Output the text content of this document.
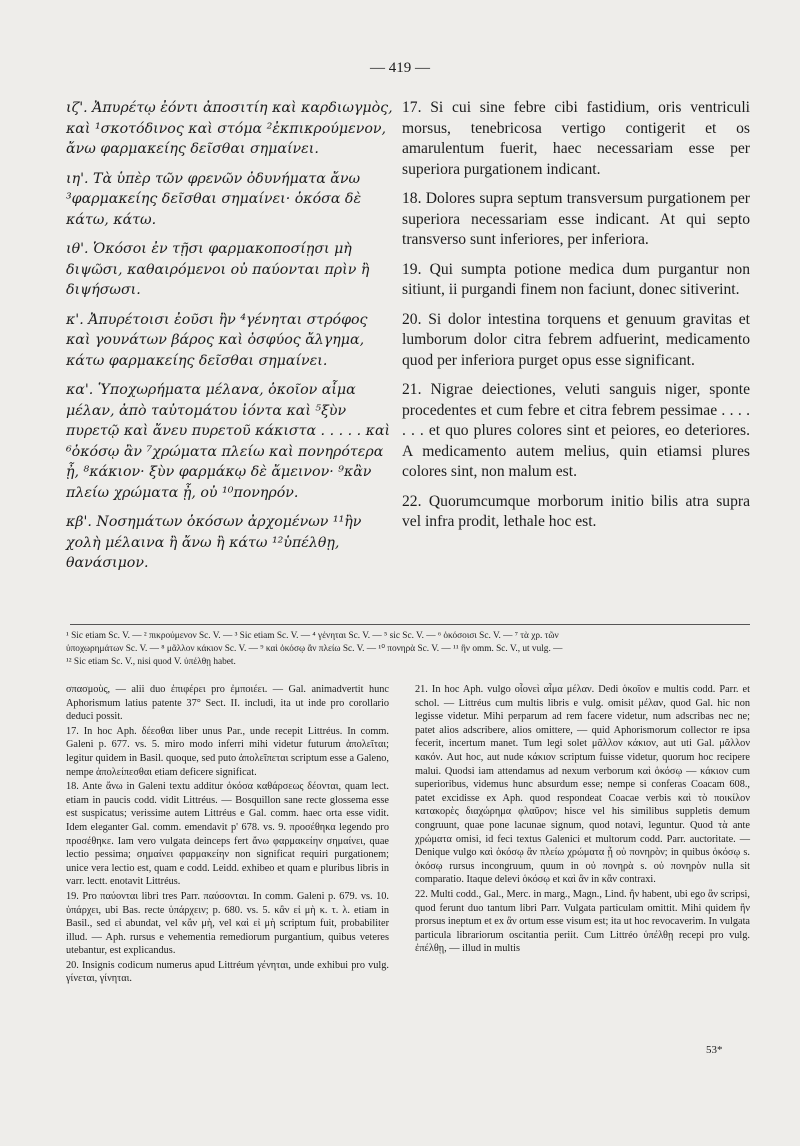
— 419 —

ιζ'. Ἀπυρέτῳ ἐόντι ἀποσιτίη καὶ καρδιωγμὸς, καὶ ¹σκοτόδινος καὶ στόμα ²ἐκπικρούμενον, ἄνω φαρμακείης δεῖσθαι σημαίνει.

ιη'. Τὰ ὑπὲρ τῶν φρενῶν ὀδυνήματα ἄνω ³φαρμακείης δεῖσθαι σημαίνει· ὁκόσα δὲ κάτω, κάτω.

ιθ'. Ὁκόσοι ἐν τῇσι φαρμακοποσίῃσι μὴ διψῶσι, καθαιρόμενοι οὐ παύονται πρὶν ἢ διψήσωσι.

κ'. Ἀπυρέτοισι ἐοῦσι ἢν ⁴γένηται στρόφος καὶ γουνάτων βάρος καὶ ὀσφύος ἄλγημα, κάτω φαρμακείης δεῖσθαι σημαίνει.

κα'. Ὑποχωρήματα μέλανα, ὁκοῖον αἷμα μέλαν, ἀπὸ ταὐτομάτου ἰόντα καὶ ⁵ξὺν πυρετῷ καὶ ἄνευ πυρετοῦ κάκιστα . . . . . καὶ ⁶ὁκόσῳ ἂν ⁷χρώματα πλείω καὶ πονηρότερα ᾖ, ⁸κάκιον· ξὺν φαρμάκῳ δὲ ἄμεινον· ⁹κἂν πλείω χρώματα ᾖ, οὐ ¹⁰πονηρόν.

κβ'. Νοσημάτων ὁκόσων ἀρχομένων ¹¹ἢν χολὴ μέλαινα ἢ ἄνω ἢ κάτω ¹²ὑπέλθῃ, θανάσιμον.

17. Si cui sine febre cibi fastidium, oris ventriculi morsus, tenebricosa vertigo contigerit et os amarulentum fuerit, haec necessariam esse per superiora purgationem indicant.

18. Dolores supra septum transversum purgationem per superiora necessariam esse indicant. At qui septo transverso sunt inferiores, per inferiora.

19. Qui sumpta potione medica dum purgantur non sitiunt, ii purgandi finem non faciunt, donec sitiverint.

20. Si dolor intestina torquens et genuum gravitas et lumborum dolor citra febrem adfuerint, medicamento quod per inferiora purget opus esse significant.

21. Nigrae deiectiones, veluti sanguis niger, sponte procedentes et cum febre et citra febrem pessimae . . . . . . . et quo plures colores sint et peiores, eo deteriores. A medicamento autem melius, quin etiamsi plures colores sint, non malum est.

22. Quorumcumque morborum initio bilis atra supra vel infra prodit, lethale hoc est.

¹ Sic etiam Sc. V. — ² πικρούμενον Sc. V. — ³ Sic etiam Sc. V. — ⁴ γένηται Sc. V. — ⁵ sic Sc. V. — ⁶ ὁκόσοισι Sc. V. — ⁷ τὰ χρ. τῶν

ὑποχωρημάτων Sc. V. — ⁸ μᾶλλον κάκιον Sc. V. — ⁹ καὶ ὁκόσῳ ἂν πλείω Sc. V. — ¹⁰ πονηρὰ Sc. V. — ¹¹ ἢν omm. Sc. V., ut vulg. —

¹² Sic etiam Sc. V., nisi quod V. ὑπέλθῃ habet.

σπασμοὺς, — alii duo ἐπιφέρει pro ἐμποιέει. — Gal. animadvertit hunc Aphorismum latius patente 37° Sect. II. includi, ita ut inde pro corollario deduci possit.

17. In hoc Aph. δέεσθαι liber unus Par., unde recepit Littréus. In comm. Galeni p. 677. vs. 5. miro modo inferri mihi videtur futurum ἀπολεῖται; legitur quidem in Basil. quoque, sed puto ἀπολεῖπεται scriptum esse a Galeno, nempe ἀπολείπεσθαι etiam deficere significat.

18. Ante ἄνω in Galeni textu additur ὁκόσα καθάρσεως δέονται, quam lect. etiam in paucis codd. vidit Littréus. — Bosquillon sane recte glossema esse est suspicatus; verissime autem Littréus e Gal. comm. haec orta esse vidit. Idem eleganter Gal. comm. emendavit p' 678. vs. 9. προσέθηκα legendo pro προσέθηκε. Iam vero vulgata deinceps fert ἄνω φαρμακείην σημαίνει, quae lectio pessima; σημαίνει φαρμακείην non significat requiri purgationem; unice vera lectio est, quam e codd. Leidd. exhibeo et quam e pluribus libris in varr. lectt. enotavit Littréus.

19. Pro παύονται libri tres Parr. παύσονται. In comm. Galeni p. 679. vs. 10. ὑπάρχει, ubi Bas. recte ὑπάρχειν; p. 680. vs. 5. κἂν εἰ μὴ κ. τ. λ. etiam in Basil., sed εἰ abundat, vel κἂν μὴ, vel καὶ εἰ μὴ scriptum fuit, probabiliter illud. — Aph. rursus e vehementia remediorum purgantium, quibus veteres utebantur, est explicandus.

20. Insignis codicum numerus apud Littréum γένηται, unde exhibui pro vulg. γίνεται, γίνηται.

21. In hoc Aph. vulgo οἷονεὶ αἷμα μέλαν. Dedi ὁκοῖον e multis codd. Parr. et schol. — Littréus cum multis libris e vulg. omisit μέλαν, quod Gal. hic non legisse videtur. Mihi perparum ad rem facere videtur, num adscribas nec ne; patet alios adscribere, alios omittere, — quid Aphorismorum collector re ipsa fecerit, incertum manet. Tum legi solet μᾶλλον κάκιον, aut uti Gal. μᾶλλον κακόν. Aut hoc, aut nude κάκιον scriptum fuisse videtur, quorum hoc recipere malui. Quodsi iam attendamus ad nexum verborum καὶ ὁκόσῳ — κάκιον cum superioribus, videmus hunc absurdum esse; nempe si conferas Coacam 608., patet excidisse ex Aph. quod respondeat Coacae verbis καὶ τὸ ποικίλον κατακορὲς διαχώρημα φλαῦρον; hisce vel his similibus suppletis demum congruunt, quae pone lacunae signum, quod notavi, leguntur. Quod τὰ ante χρώματα omisi, id feci textus Galenici et multorum codd. Parr. auctoritate. — Denique vulgo καὶ ὁκόσῳ ἂν πλείω χρώματα ᾖ οὐ πονηρὸν; in quibus ὁκόσῳ s. ὁκόσῳ rursus incongruum, quum in οὐ πονηρὰ s. οὐ πονηρὸν nulla sit comparatio. Itaque delevi ὁκόσῳ et καὶ ἂν in κἂν contraxi.

22. Multi codd., Gal., Merc. in marg., Magn., Lind. ἢν habent, ubi ego ἂν scripsi, quod ferunt duo tantum libri Parr. Vulgata particulam omittit. Mihi quidem ἢν prorsus ineptum et ex ἂν ortum esse visum est; ita ut hoc revocaverim. In vulgata particula librariorum oscitantia periit. Cum Littréo ὑπέλθῃ recepi pro vulg. ἐπέλθῃ, — illud in multis

53*
